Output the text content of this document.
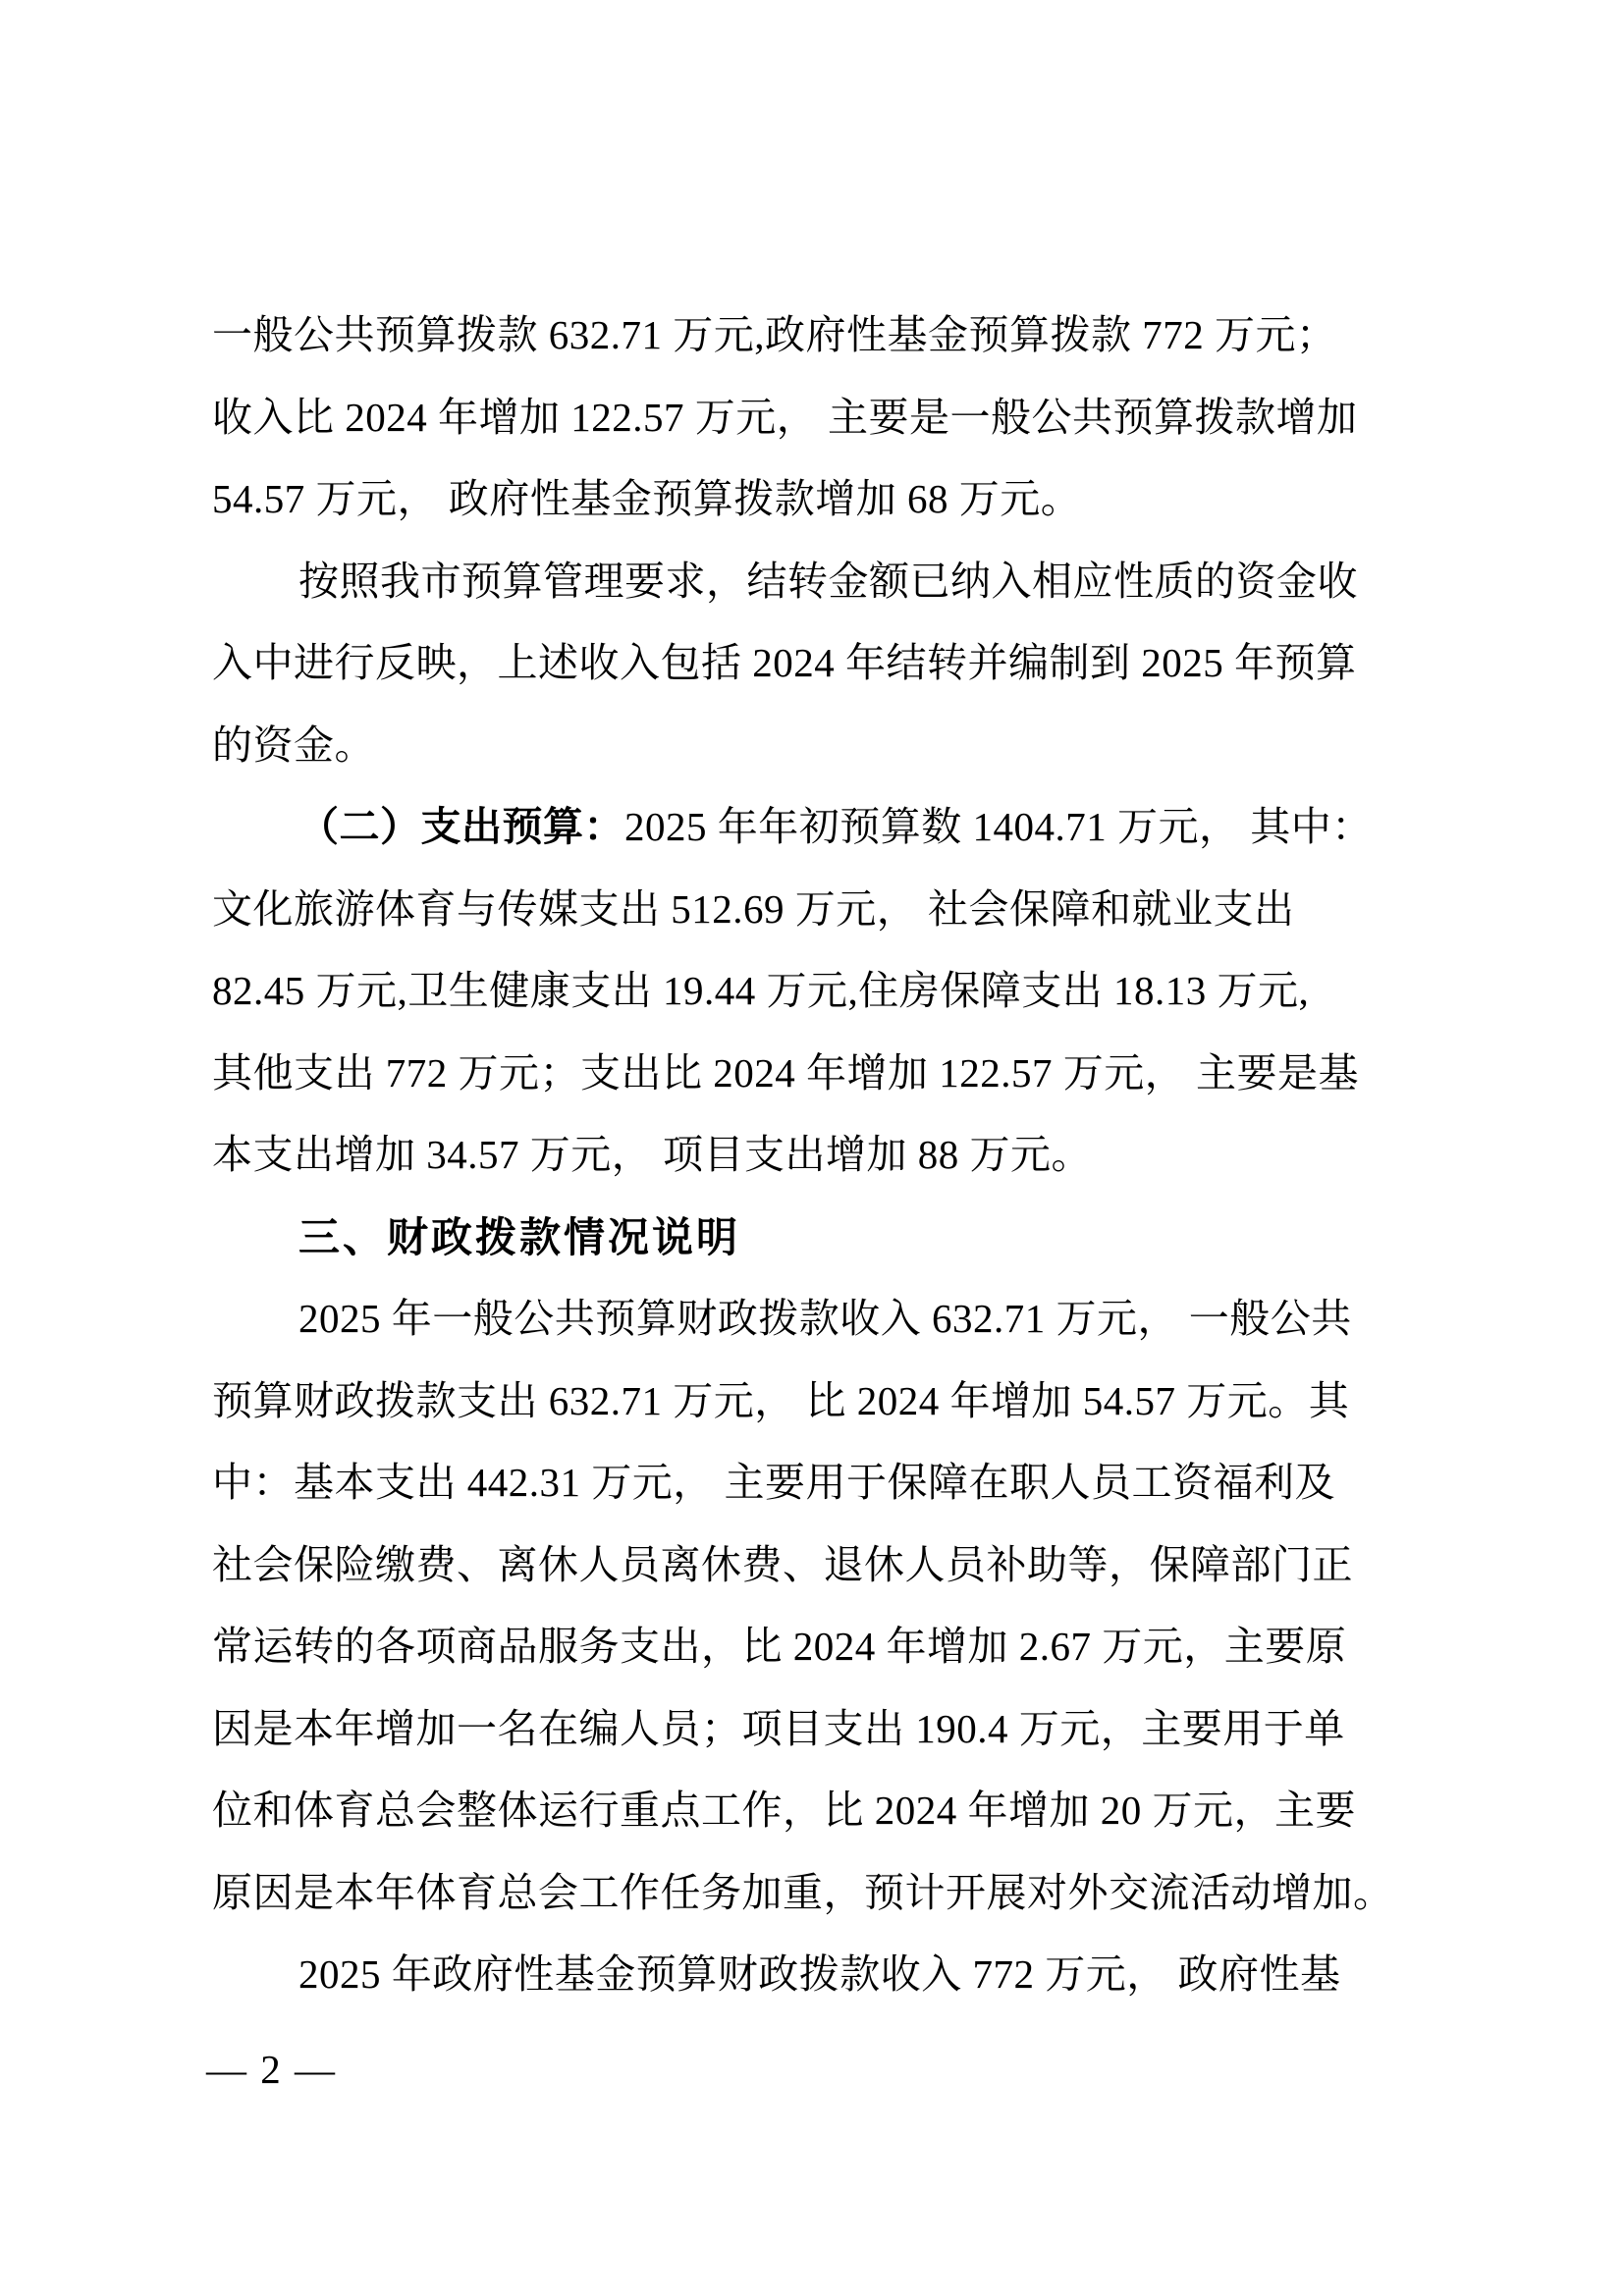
一般公共预算拨款 632.71 万元,政府性基金预算拨款 772 万元；
收入比 2024 年增加 122.57 万元， 主要是一般公共预算拨款增加
54.57 万元， 政府性基金预算拨款增加 68 万元。
按照我市预算管理要求，结转金额已纳入相应性质的资金收
入中进行反映，上述收入包括 2024 年结转并编制到 2025 年预算
的资金。
（二）支出预算：2025 年年初预算数 1404.71 万元， 其中：
文化旅游体育与传媒支出 512.69 万元， 社会保障和就业支出
82.45 万元,卫生健康支出 19.44 万元,住房保障支出 18.13 万元,
其他支出 772 万元；支出比 2024 年增加 122.57 万元， 主要是基
本支出增加 34.57 万元， 项目支出增加 88 万元。
三、财政拨款情况说明
2025 年一般公共预算财政拨款收入 632.71 万元， 一般公共
预算财政拨款支出 632.71 万元， 比 2024 年增加 54.57 万元。其
中：基本支出 442.31 万元， 主要用于保障在职人员工资福利及
社会保险缴费、离休人员离休费、退休人员补助等，保障部门正
常运转的各项商品服务支出，比 2024 年增加 2.67 万元，主要原
因是本年增加一名在编人员；项目支出 190.4 万元，主要用于单
位和体育总会整体运行重点工作，比 2024 年增加 20 万元，主要
原因是本年体育总会工作任务加重，预计开展对外交流活动增加。
2025 年政府性基金预算财政拨款收入 772 万元， 政府性基
— 2 —
